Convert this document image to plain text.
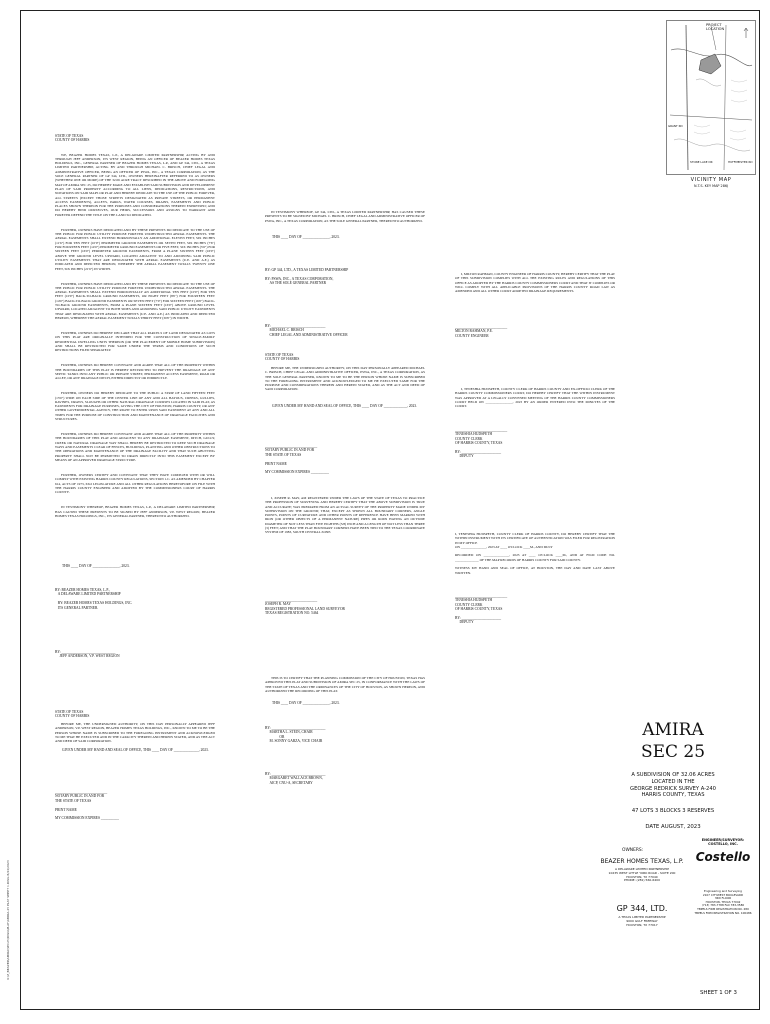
X:\Z_BEAZER\AMIRA\SEC25\DWG\PLAT\AMIRA-25 PLAT SHEET 1.DWG 8/24/2023
STATE OF TEXAS
COUNTY OF HARRIS

WE, BEAZER HOMES TEXAS, L.P., A DELAWARE LIMITED PARTNERSHIP, ACTING BY AND THROUGH JEFF ANDERSON, ITS WEST REGION, BEING AN OFFICER OF BEAZER HOMES TEXAS HOLDINGS, INC., GENERAL PARTNER OF BEAZER HOMES TEXAS, L.P., AND GP 344, LTD., A TEXAS LIMITED PARTNERSHIP, ACTING BY AND THROUGH MICHAEL C. BRISCH, CHIEF LEGAL AND ADMINISTRATIVE OFFICER, BEING AN OFFICER OF PSWA, INC., A TEXAS CORPORATION, AS THE SOLE GENERAL PARTNER OF GP 344, LTD., OWNERS HEREINAFTER REFERRED TO AS OWNERS (WHETHER ONE OR MORE) OF THE 32.06 ACRE TRACT DESCRIBED IN THE ABOVE AND FOREGOING MAP OF AMIRA SEC 25, DO HEREBY MAKE AND ESTABLISH SAID SUBDIVISION AND DEVELOPMENT PLAN OF SAID PROPERTY ACCORDING TO ALL LIENS, DEDICATIONS, RESTRICTIONS, AND NOTATIONS ON SAID MAPS OR PLAT AND HEREBY DEDICATE TO THE USE OF THE PUBLIC FOREVER, ALL STREETS (EXCEPT THOSE STREETS DESIGNATED AS PRIVATE STREETS, OR PERMANENT ACCESS EASEMENTS), ALLEYS, PARKS, WATER COURSES, DRAINS, EASEMENTS AND PUBLIC PLACES SHOWN THEREON FOR THE PURPOSES AND CONSIDERATIONS THEREIN EXPRESSED; AND DO HEREBY BIND OURSELVES, OUR HEIRS, SUCCESSORS AND ASSIGNS TO WARRANT AND FOREVER DEFEND THE TITLE ON THE LAND SO DEDICATED.

FURTHER, OWNERS HAVE DEDICATED AND BY THESE PRESENTS DO DEDICATE TO THE USE OF THE PUBLIC FOR PUBLIC UTILITY PURPOSE FOREVER UNOBSTRUCTED AERIAL EASEMENTS. THE AERIAL EASEMENTS SHALL EXTEND HORIZONTALLY AN ADDITIONAL ELEVEN FEET, SIX INCHES (11'6") FOR TEN FEET (10'0") PERIMETER GROUND EASEMENTS OR SEVEN FEET, SIX INCHES (7'6") FOR FOURTEEN FEET (14'0") PERIMETER GROUND EASEMENTS OR FIVE FEET, SIX INCHES (5'6") FOR SIXTEEN FEET (16'0") PERIMETER GROUND EASEMENTS, FROM A PLANE SIXTEEN FEET (16'0") ABOVE THE GROUND LEVEL UPWARD, LOCATED ADJACENT TO AND ADJOINING SAID PUBLIC UTILITY EASEMENTS THAT ARE DESIGNATED WITH AERIAL EASEMENTS (U.E. AND A.E.) AS INDICATED AND DEPICTED HEREON, WHEREBY THE AERIAL EASEMENT TOTALS TWENTY ONE FEET, SIX INCHES (21'6") IN WIDTH.

FURTHER, OWNERS HAVE DEDICATED AND BY THESE PRESENTS DO DEDICATE TO THE USE OF THE PUBLIC FOR PUBLIC UTILITY PURPOSE FOREVER UNOBSTRUCTED AERIAL EASEMENTS. THE AERIAL EASEMENTS SHALL EXTEND HORIZONTALLY AN ADDITIONAL TEN FEET (10'0") FOR TEN FEET (10'0") BACK-TO-BACK GROUND EASEMENTS, OR EIGHT FEET (8'0") FOR FOURTEEN FEET (14'0") BACK-TO-BACK GROUND EASEMENTS OR SEVEN FEET (7'0") FOR SIXTEEN FEET (16'0") BACK-TO-BACK GROUND EASEMENTS, FROM A PLANE SIXTEEN FEET (16'0") ABOVE GROUND LEVEL UPWARD, LOCATED ADJACENT TO BOTH SIDES AND ADJOINING SAID PUBLIC UTILITY EASEMENTS THAT ARE DESIGNATED WITH AERIAL EASEMENTS (U.E. AND A.E.) AS INDICATED AND DEPICTED HEREON, WHEREBY THE AERIAL EASEMENT TOTALS THIRTY FEET (30'0") IN WIDTH.

FURTHER, OWNERS DO HEREBY DECLARE THAT ALL PARCELS OF LAND DESIGNATED AS LOTS ON THIS PLAT ARE ORIGINALLY INTENDED FOR THE CONSTRUCTION OF SINGLE-FAMILY RESIDENTIAL DWELLING UNITS THEREON (OR THE PLACEMENT OF MOBILE HOME SUBDIVISION) AND SHALL BE RESTRICTED FOR SAME UNDER THE TERMS AND CONDITIONS OF SUCH RESTRICTIONS FILED SEPARATELY.

FURTHER, OWNERS DO HEREBY COVENANT AND AGREE THAT ALL OF THE PROPERTY WITHIN THE BOUNDARIES OF THIS PLAT IS HEREBY RESTRICTED TO PREVENT THE DRAINAGE OF ANY SEPTIC TANKS INTO ANY PUBLIC OR PRIVATE STREET, PERMANENT ACCESS EASEMENT, ROAD OR ALLEY, OR ANY DRAINAGE DITCH, EITHER DIRECTLY OR INDIRECTLY.

FURTHER, OWNERS DO HEREBY DEDICATE TO THE PUBLIC A STRIP OF LAND FIFTEEN FEET (15'0") WIDE ON EACH SIDE OF THE CENTER LINE OF ANY AND ALL BAYOUS, CREEKS, GULLIES, RAVINES, DRAWS, SLOUGHS OR OTHER NATURAL DRAINAGE COURSES LOCATED IN SAID PLAT, AS EASEMENTS FOR DRAINAGE PURPOSES, GIVING THE CITY OF HOUSTON, HARRIS COUNTY, OR ANY OTHER GOVERNMENTAL AGENCY, THE RIGHT TO ENTER UPON SAID EASEMENT AT ANY AND ALL TIMES FOR THE PURPOSE OF CONSTRUCTION AND MAINTENANCE OF DRAINAGE FACILITIES AND STRUCTURES.

FURTHER, OWNERS DO HEREBY COVENANT AND AGREE THAT ALL OF THE PROPERTY WITHIN THE BOUNDARIES OF THIS PLAT AND ADJACENT TO ANY DRAINAGE EASEMENT, DITCH, GULLY, CREEK OR NATURAL DRAINAGE WAY SHALL HEREBY BE RESTRICTED TO KEEP SUCH DRAINAGE WAYS AND EASEMENTS CLEAR OF FENCES, BUILDINGS, PLANTING AND OTHER OBSTRUCTIONS TO THE OPERATIONS AND MAINTENANCE OF THE DRAINAGE FACILITY AND THAT SUCH ABUTTING PROPERTY SHALL NOT BE PERMITTED TO DRAIN DIRECTLY INTO THIS EASEMENT EXCEPT BY MEANS OF AN APPROVED DRAINAGE STRUCTURE.

FURTHER, OWNERS CERTIFY AND COVENANT THAT THEY HAVE COMPLIED WITH OR WILL COMPLY WITH EXISTING HARRIS COUNTY REGULATIONS, SECTION 1.C. AS AMENDED BY CHAPTER 614, ACTS OF 1973, 63rd LEGISLATURE AND ALL OTHER REGULATIONS HERETOFORE ON FILE WITH THE HARRIS COUNTY ENGINEER AND ADOPTED BY THE COMMISSIONERS COURT OF HARRIS COUNTY.

IN TESTIMONY WHEREOF, BEAZER HOMES TEXAS, L.P., A DELAWARE LIMITED PARTNERSHIP, HAS CAUSED THESE PRESENTS TO BE SIGNED BY JEFF ANDERSON, V.P. WEST REGION, BEAZER HOMES TEXAS HOLDINGS, INC., ITS GENERAL PARTNER, THEREUNTO AUTHORIZED.

THIS ____ DAY OF _______________, 2023.
BY: BEAZER HOMES TEXAS, L.P.,
A DELAWARE LIMITED PARTNERSHIP

BY: BEAZER HOMES TEXAS HOLDINGS, INC.
ITS GENERAL PARTNER.
BY: ______________________________
JEFF ANDERSON, V.P. WEST REGION
STATE OF TEXAS
COUNTY OF HARRIS
BEFORE ME, THE UNDERSIGNED AUTHORITY, ON THIS DAY PERSONALLY APPEARED JEFF ANDERSON, V.P. WEST REGION, BEAZER HOMES TEXAS HOLDINGS, INC., KNOWN TO ME TO BE THE PERSON WHOSE NAME IS SUBSCRIBED TO THE FOREGOING INSTRUMENT AND ACKNOWLEDGED TO ME THAT HE EXECUTED AND IN THE CAPACITY THEREIN AND HEREIN STATED, AND AS THE ACT AND DEED OF SAID CORPORATION.
GIVEN UNDER MY HAND AND SEAL OF OFFICE, THIS ____ DAY OF ______________, 2023.
_____________________________
NOTARY PUBLIC IN AND FOR
THE STATE OF TEXAS

PRINT NAME

MY COMMISSION EXPIRES __________
IN TESTIMONY WHEREOF, GP 344, LTD., A TEXAS LIMITED PARTNERSHIP, HAS CAUSED THESE PRESENTS TO BE SIGNED BY MICHAEL C. BRISCH, CHIEF LEGAL AND ADMINISTRATIVE OFFICER OF PSWA, INC., A TEXAS CORPORATION, AS THE SOLE GENERAL PARTNER, THEREUNTO AUTHORIZED.
THIS ____ DAY OF _______________, 2023.
BY: GP 344, LTD., A TEXAS LIMITED PARTNERSHIP

BY: PSWA, INC., A TEXAS CORPORATION,
AS THE SOLE GENERAL PARTNER
BY: ______________________________
MICHAEL C. BRISCH
CHIEF LEGAL AND ADMINISTRATIVE OFFICER
STATE OF TEXAS
COUNTY OF HARRIS
BEFORE ME, THE UNDERSIGNED AUTHORITY, ON THIS DAY PERSONALLY APPEARED MICHAEL C. BRISCH, CHIEF LEGAL AND ADMINISTRATIVE OFFICER, PSWA, INC., A TEXAS CORPORATION, AS THE SOLE GENERAL PARTNER, KNOWN TO ME TO BE THE PERSON WHOSE NAME IS SUBSCRIBED TO THE FOREGOING INSTRUMENT AND ACKNOWLEDGED TO ME HE EXECUTED SAME FOR THE PURPOSE AND CONSIDERATIONS THEREIN AND HEREIN STATED, AND AS THE ACT AND DEED OF SAID CORPORATION.
GIVEN UNDER MY HAND AND SEAL OF OFFICE, THIS ____ DAY OF _____________, 2023.
_____________________________
NOTARY PUBLIC IN AND FOR
THE STATE OF TEXAS

PRINT NAME

MY COMMISSION EXPIRES __________
I, JOSEPH R. MAY, AM REGISTERED UNDER THE LAWS OF THE STATE OF TEXAS TO PRACTICE THE PROFESSION OF SURVEYING AND HEREBY CERTIFY THAT THE ABOVE SUBDIVISION IS TRUE AND ACCURATE; WAS PREPARED FROM AN ACTUAL SURVEY OF THE PROPERTY MADE UNDER MY SUPERVISION ON THE GROUND; THAT, EXCEPT AS SHOWN ALL BOUNDARY CORNERS, ANGLE POINTS, POINTS OF CURVATURE AND OTHER POINTS OF REFERENCE HAVE BEEN MARKED WITH IRON (OR OTHER OBJECTS OF A PERMANENT NATURE) PIPES OR RODS HAVING AN OUTSIDE DIAMETER OF NOT LESS THAN FIVE EIGHTHS (5/8) INCH AND A LENGTH OF NOT LESS THAN THREE (3) FEET; AND THAT THE PLAT BOUNDARY CORNERS HAVE BEEN TIED TO THE TEXAS COORDINATE SYSTEM OF 1983, SOUTH CENTRAL ZONE.
_____________________________
JOSEPH R. MAY
REGISTERED PROFESSIONAL LAND SURVEYOR
TEXAS REGISTRATION NO. 5464
THIS IS TO CERTIFY THAT THE PLANNING COMMISSION OF THE CITY OF HOUSTON, TEXAS HAS APPROVED THIS PLAT AND SUBDIVISION OF AMIRA SEC 25, IN CONFORMANCE WITH THE LAWS OF THE STATE OF TEXAS AND THE ORDINANCES OF THE CITY OF HOUSTON, AS SHOWN HEREON, AND AUTHORIZED THE RECORDING OF THIS PLAT.
THIS ____ DAY OF _______________, 2023.
BY: ______________________________
MARTHA L. STEIN, CHAIR
OR
M. SONNY GARZA, VICE CHAIR
BY: ______________________________
MARGARET WALLACE BROWN,
AICP, CNU-A, SECRETARY
I, MILTON RAHMAN, COUNTY ENGINEER OF HARRIS COUNTY, HEREBY CERTIFY THAT THE PLAT OF THIS SUBDIVISION COMPLIES WITH ALL THE EXISTING RULES AND REGULATIONS OF THIS OFFICE AS ADOPTED BY THE HARRIS COUNTY COMMISSIONERS COURT AND THAT IT COMPLIES OR WILL COMPLY WITH ALL APPLICABLE PROVISIONS OF THE HARRIS COUNTY ROAD LAW AS AMENDED AND ALL OTHER COURT ADOPTED DRAINAGE REQUIREMENTS.
_____________________________
MILTON RAHMAN, P.E.
COUNTY ENGINEER
I, TENESHIA HUDSPETH, COUNTY CLERK OF HARRIS COUNTY AND EX-OFFICIO CLERK OF THE HARRIS COUNTY COMMISSIONERS COURT, DO HEREBY CERTIFY THAT THE WITHIN INSTRUMENT WAS APPROVED AT A LEGALLY CONVENED MEETING OF THE HARRIS COUNTY COMMISSIONERS COURT HELD ON ________________, 2023 BY AN ORDER ENTERED INTO THE MINUTES OF THE COURT.
_____________________________
TENESHIA HUDSPETH
COUNTY CLERK
OF HARRIS COUNTY, TEXAS

BY: ______________________
DEPUTY
I, TENESHIA HUDSPETH, COUNTY CLERK OF HARRIS COUNTY, DO HEREBY CERTIFY THAT THE WITHIN INSTRUMENT WITH ITS CERTIFICATE OF AUTHENTICATION WAS FILED FOR REGISTRATION IN MY OFFICE
ON _______________, 2023 AT ____ O'CLOCK ____M., AND DULY

RECORDED ON _______________, 2023 AT ____ O'CLOCK ____M., AND AT FILM CODE NO. ______________ OF THE MAP RECORDS OF HARRIS COUNTY FOR SAID COUNTY.

WITNESS MY HAND AND SEAL OF OFFICE, AT HOUSTON, THE DAY AND DATE LAST ABOVE WRITTEN.
_____________________________
TENESHIA HUDSPETH
COUNTY CLERK
OF HARRIS COUNTY, TEXAS

BY: ______________________
DEPUTY
PROJECT
LOCATION
GRANT RD
STONE LAKE DR	HUFFMEISTER RD
VICINITY MAP
N.T.S. KEY MAP 286J
AMIRA
SEC 25
A SUBDIVISION OF 32.06 ACRES
LOCATED IN THE
GEORGE REDRICK SURVEY A-240
HARRIS COUNTY, TEXAS
47 LOTS 3 BLOCKS 3 RESERVES
DATE AUGUST, 2023
ENGINEER/SURVEYOR:
COSTELLO, INC.
Costello
Engineering and Surveying
2107 CITYWEST BOULEVARD
3RD FLOOR
HOUSTON, TEXAS 77042
(713) 783-7788 FAX 783-3580
TBPELS FIRM REGISTRATION NO. 280
TBPELS FIRM REGISTRATION NO. 100486
OWNERS:
BEAZER HOMES TEXAS, L.P.
A DELAWARE LIMITED PARTNERSHIP
10235 WEST LITTLE YORK ROAD - SUITE 200
HOUSTON, TX 77040
PHONE: (281) 560-6400
GP 344, LTD.
A TEXAS LIMITED PARTNERSHIP
9000 GULF FREEWAY
HOUSTON, TX 77017
SHEET 1 OF 3
